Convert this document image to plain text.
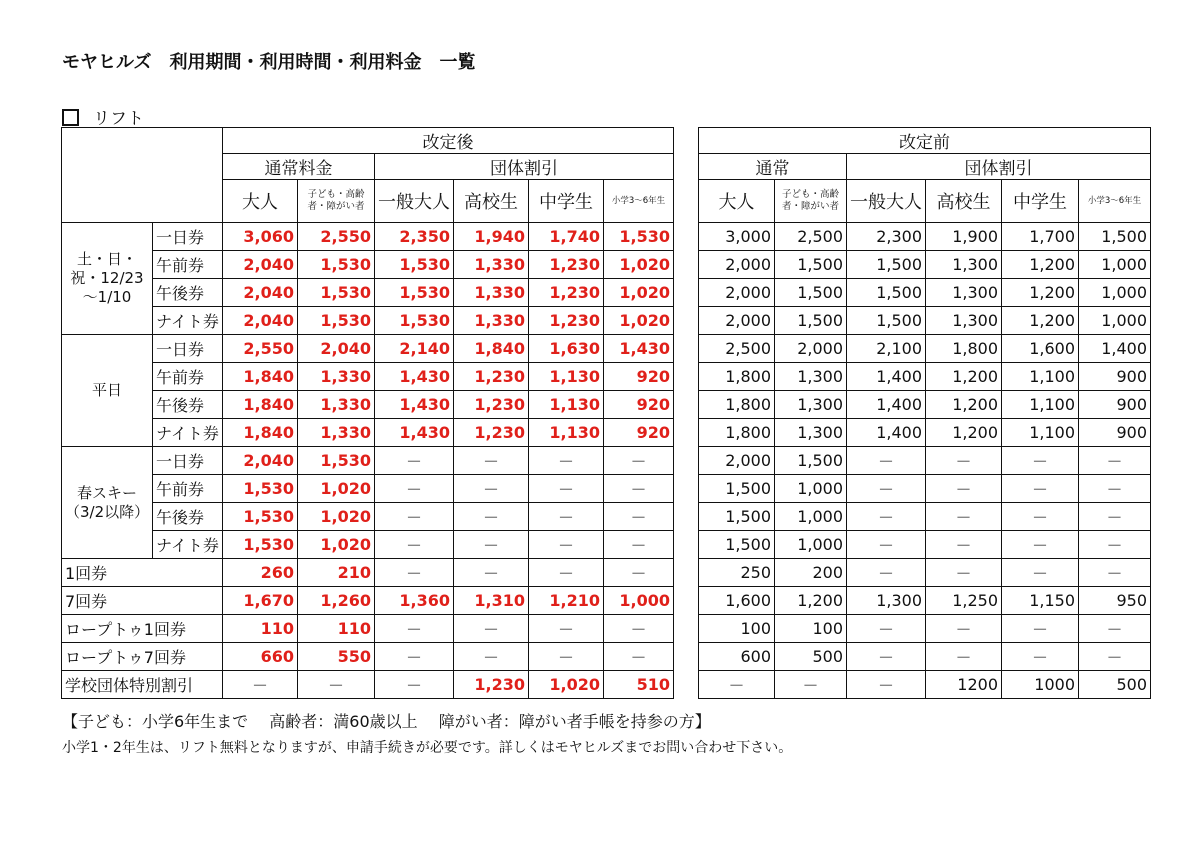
モヤヒルズ　利用期間・利用時間・利用料金　一覧
リフト
		改定後					
		通常料金		団体割引			
		大人	子ども・高齢者・障がい者	一般大人	高校生	中学生	小学3～6年生
土・日・祝・12/23～1/10	一日券	3,060	2,550	2,350	1,940	1,740	1,530
	午前券	2,040	1,530	1,530	1,330	1,230	1,020
	午後券	2,040	1,530	1,530	1,330	1,230	1,020
	ナイト券	2,040	1,530	1,530	1,330	1,230	1,020
平日	一日券	2,550	2,040	2,140	1,840	1,630	1,430
	午前券	1,840	1,330	1,430	1,230	1,130	920
	午後券	1,840	1,330	1,430	1,230	1,130	920
	ナイト券	1,840	1,330	1,430	1,230	1,130	920
春スキー（3/2以降）	一日券	2,040	1,530	－	－	－	－
	午前券	1,530	1,020	－	－	－	－
	午後券	1,530	1,020	－	－	－	－
	ナイト券	1,530	1,020	－	－	－	－
1回券		260	210	－	－	－	－
7回券		1,670	1,260	1,360	1,310	1,210	1,000
ロープトゥ1回券		110	110	－	－	－	－
ロープトゥ7回券		660	550	－	－	－	－
学校団体特別割引		－	－	－	1,230	1,020	510
改定前					
通常		団体割引			
大人	子ども・高齢者・障がい者	一般大人	高校生	中学生	小学3～6年生
3,000	2,500	2,300	1,900	1,700	1,500
2,000	1,500	1,500	1,300	1,200	1,000
2,000	1,500	1,500	1,300	1,200	1,000
2,000	1,500	1,500	1,300	1,200	1,000
2,500	2,000	2,100	1,800	1,600	1,400
1,800	1,300	1,400	1,200	1,100	900
1,800	1,300	1,400	1,200	1,100	900
1,800	1,300	1,400	1,200	1,100	900
2,000	1,500	－	－	－	－
1,500	1,000	－	－	－	－
1,500	1,000	－	－	－	－
1,500	1,000	－	－	－	－
250	200	－	－	－	－
1,600	1,200	1,300	1,250	1,150	950
100	100	－	－	－	－
600	500	－	－	－	－
－	－	－	1200	1000	500
【子ども：小学6年生まで　 高齢者：満60歳以上　 障がい者：障がい者手帳を持参の方】
小学1・2年生は、リフト無料となりますが、申請手続きが必要です。詳しくはモヤヒルズまでお問い合わせ下さい。
